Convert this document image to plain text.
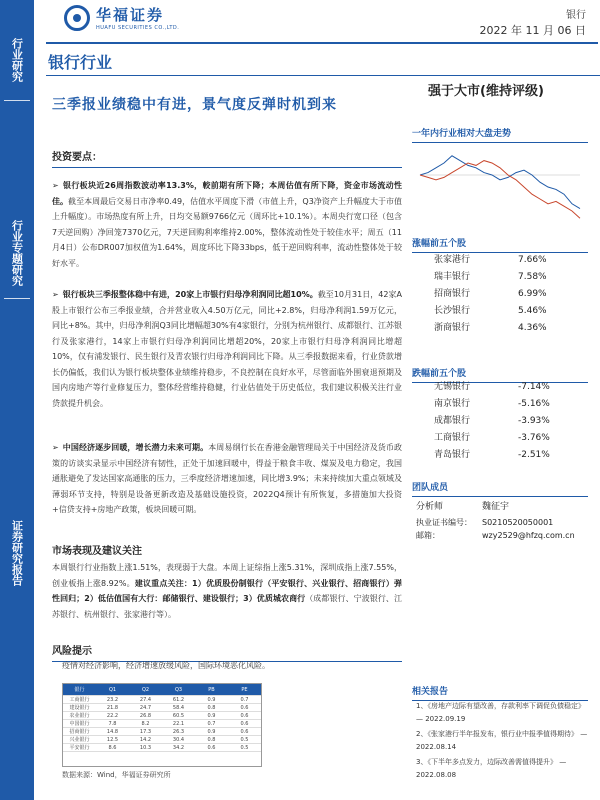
行业研究
行业专题研究
证券研究报告
华福证券
HUAFU SECURITIES CO.,LTD.
银行
2022 年 11 月 06 日
银行行业
强于大市(维持评级)
三季报业绩稳中有进，景气度反弹时机到来
投资要点：
➢ 银行板块近26周指数波动率13.3%，較前期有所下降；本周估值有所下降，资金市场流动性佳。截至本周最后交易日市净率0.49，估值水平周度下滑（市值上升，Q3净资产上升幅度大于市值上升幅度）。市场热度有所上升，日均交易额9766亿元（周环比+10.1%）。本周央行宽口径（包含7天逆回购）净回笼7370亿元，7天逆回购利率维持2.00%，整体流动性处于较佳水平；周五（11月4日）公布DR007加权值为1.64%，周度环比下降33bps，低于逆回购利率，流动性整体处于较好水平。
➢ 银行板块三季报整体稳中有进，20家上市银行归母净利润同比超10%。截至10月31日，42家A股上市银行公布三季报业绩，合并营业收入4.50万亿元，同比+2.8%，归母净利润1.59万亿元，同比+8%。其中，归母净利润Q3同比增幅超30%有4家银行，分别为杭州银行、成都银行、江苏银行及张家港行，14家上市银行归母净利润同比增超20%，20家上市银行归母净利润同比增超10%，仅有浦发银行、民生银行及青农银行归母净利润同比下降。从三季报数据来看，行业贷款增长仍偏低，我们认为银行板块整体业绩维持稳步，不良控制在良好水平，尽管面临外围衰退预期及国内房地产等行业修复压力，整体经营维持稳健，行业估值处于历史低位，我们建议积极关注行业贷款提升机会。
➢ 中国经济逐步回暖，增长潜力未来可期。本周易纲行长在香港金融管理局关于中国经济及货币政策的访谈实录显示中国经济有韧性，正处于加速回暖中，得益于粮食丰收、煤炭及电力稳定，我国通胀避免了发达国家高通胀的压力，三季度经济增速加速，同比增3.9%；未来持续加大重点领域及薄弱环节支持，特别是设备更新改造及基础设施投资，2022Q4预计有所恢复，多措施加大投资+信贷支持+房地产政策，板块回暖可期。
市场表现及建议关注
本周银行行业指数上涨1.51%，表现弱于大盘。本周上证综指上涨5.31%，深圳成指上涨7.55%，创业板指上涨8.92%。建议重点关注：1）优质股份制银行（平安银行、兴业银行、招商银行）弹性回归；2）低估值国有大行：邮储银行、建设银行；3）优质城农商行（成都银行、宁波银行、江苏银行、杭州银行、张家港行等）。
风险提示
疫情对经济影响，经济增速放缓风险，国际环境恶化风险。
银行	Q1	Q2	Q3	PB	PE
工商银行	23.2	27.4	61.2	0.9	0.7
建设银行	21.8	24.7	58.4	0.8	0.6
农业银行	22.2	26.8	60.5	0.9	0.6
中国银行	7.8	8.2	22.1	0.7	0.6
招商银行	14.8	17.3	26.3	0.9	0.6
兴业银行	12.5	14.2	30.4	0.8	0.5
平安银行	8.6	10.3	34.2	0.6	0.5
数据来源：Wind，华福证券研究所
一年内行业相对大盘走势
涨幅前五个股
张家港行	7.66%
瑞丰银行	7.58%
招商银行	6.99%
长沙银行	5.46%
浙商银行	4.36%
跌幅前五个股
无锡银行	-7.14%
南京银行	-5.16%
成都银行	-3.93%
工商银行	-3.76%
青岛银行	-2.51%
团队成员
分析师	魏征宇
执业证书编号：	S0210520050001
邮箱：	wzy2529@hfzq.com.cn
相关报告
1、《房地产边际有望改善，存款利率下调促负债稳定》 — 2022.09.19
2、《张家港行半年报发布，银行业中报季值得期待》 — 2022.08.14
3、《下半年多点发力，边际改善需值得提升》 — 2022.08.08
